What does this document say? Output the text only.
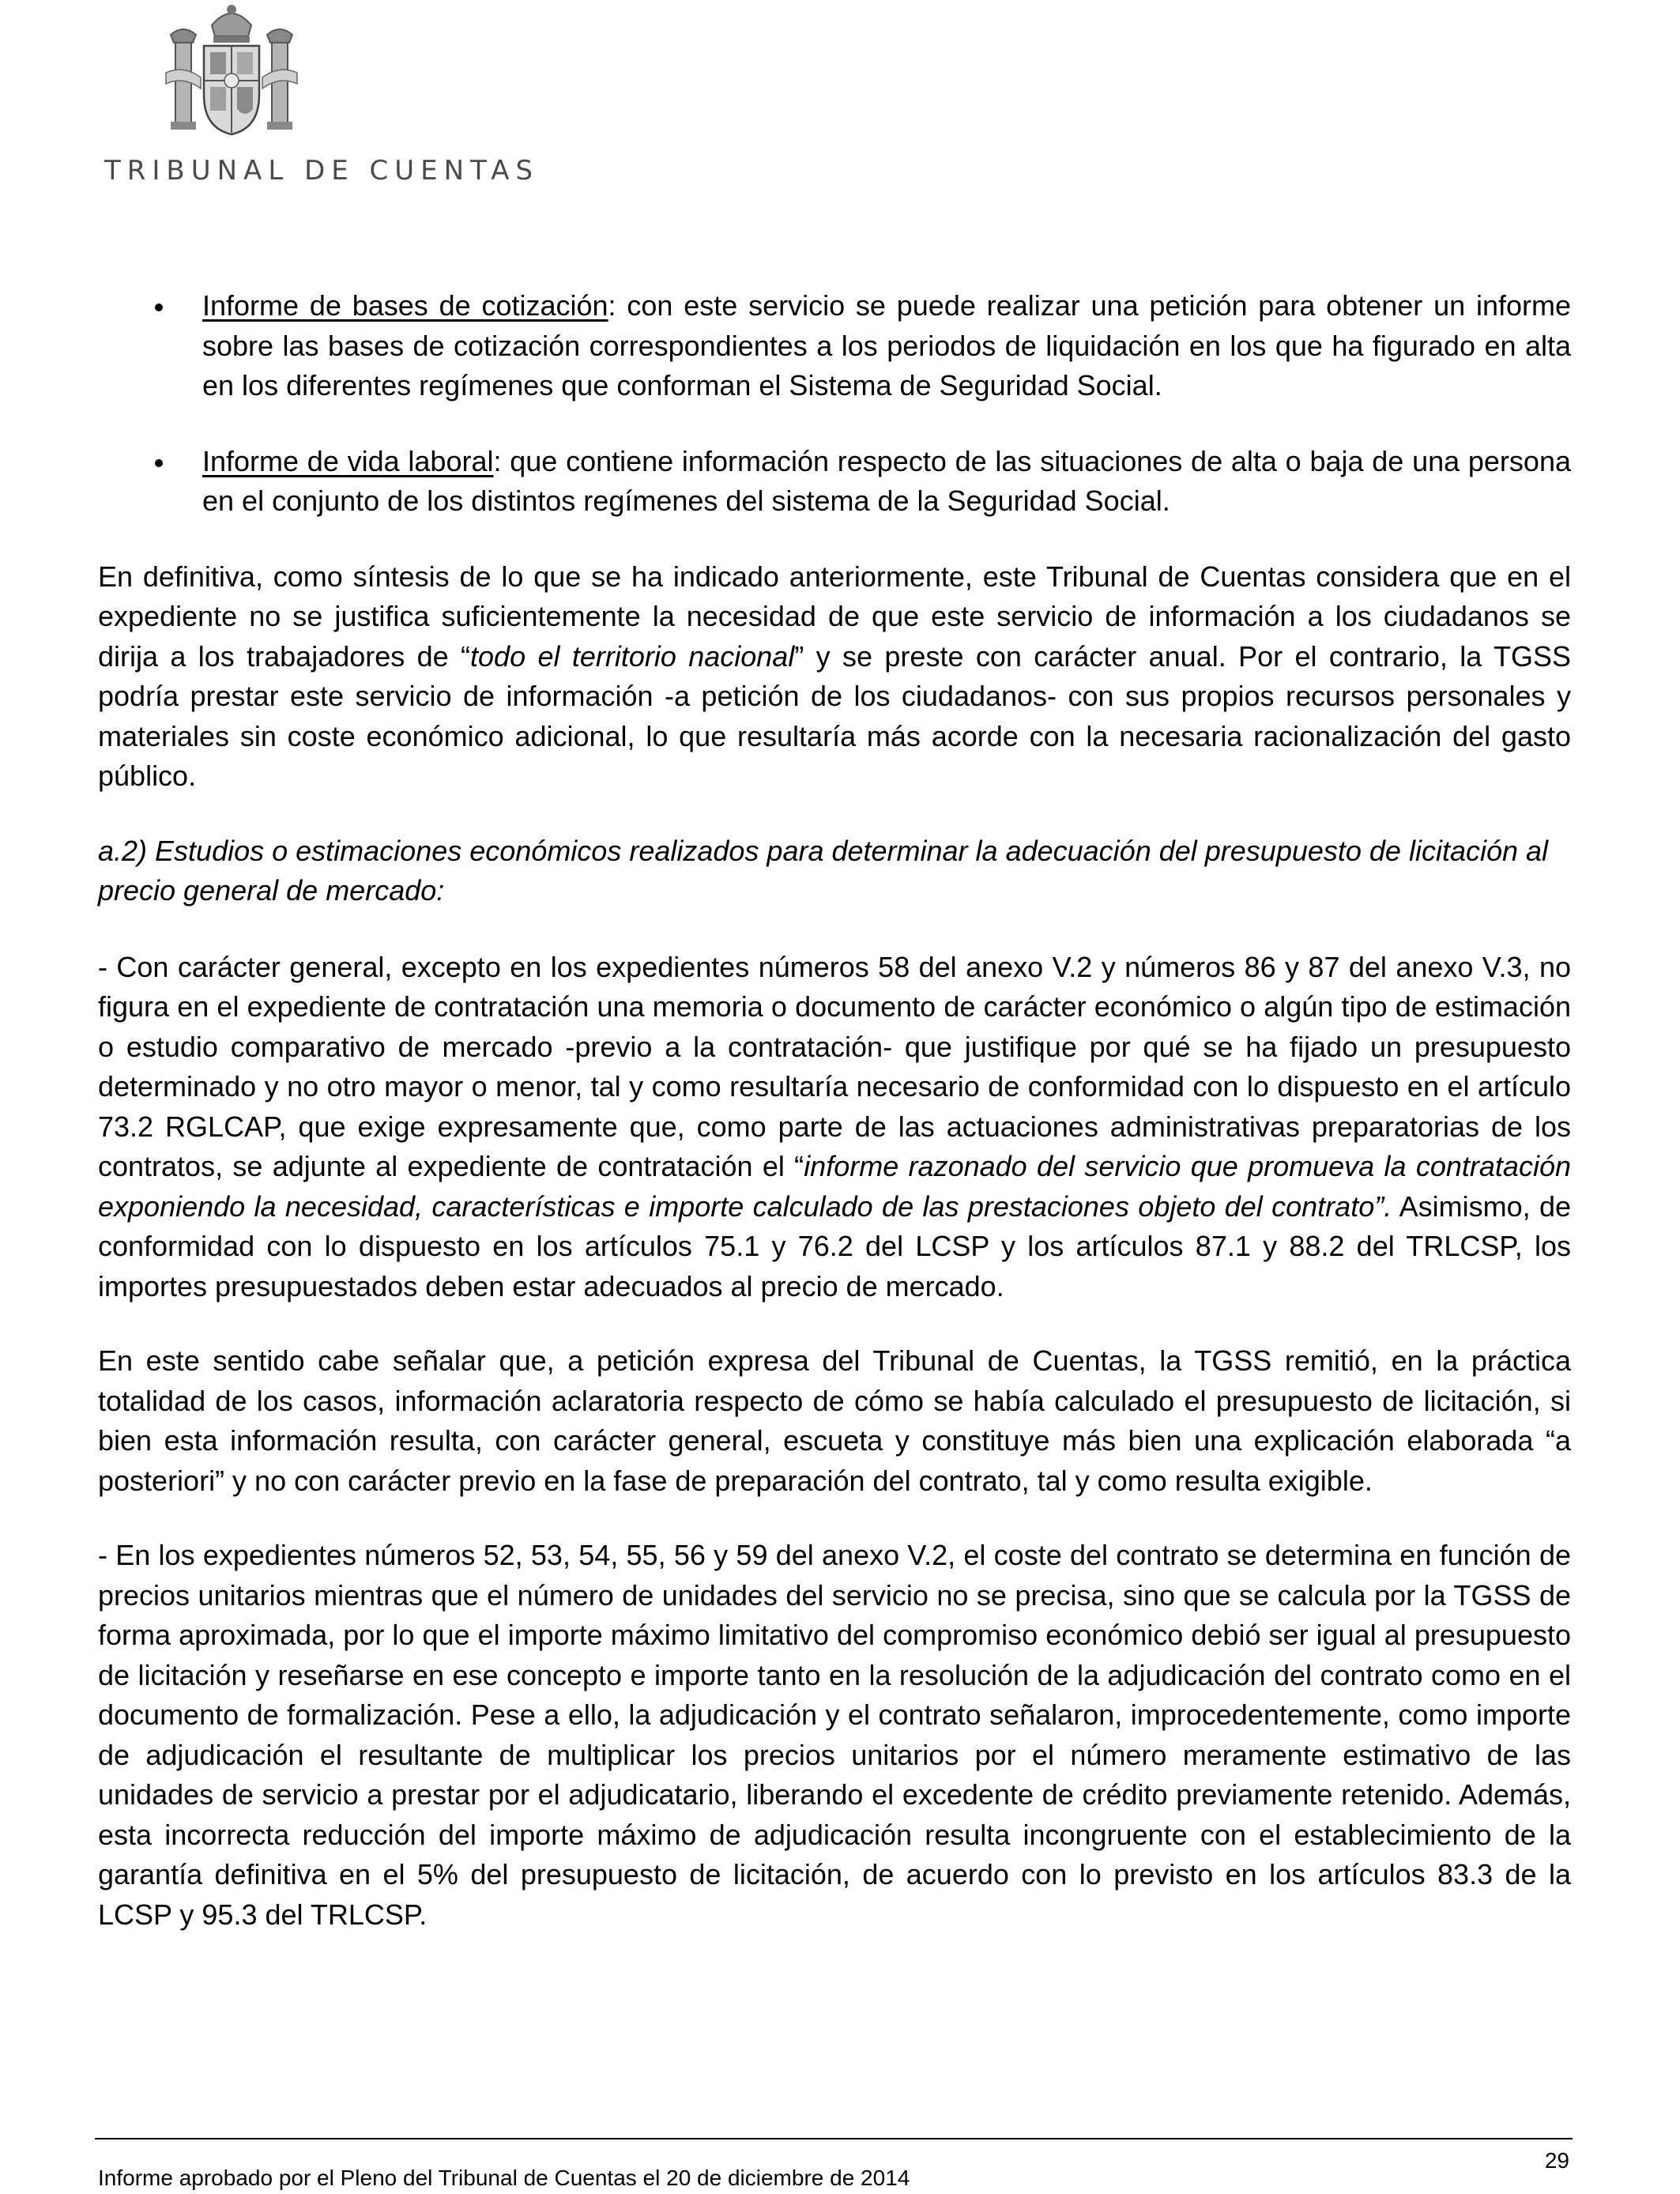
TRIBUNAL DE CUENTAS
Informe de bases de cotización: con este servicio se puede realizar una petición para obtener un informe sobre las bases de cotización correspondientes a los periodos de liquidación en los que ha figurado en alta en los diferentes regímenes que conforman el Sistema de Seguridad Social.
Informe de vida laboral: que contiene información respecto de las situaciones de alta o baja de una persona en el conjunto de los distintos regímenes del sistema de la Seguridad Social.

En definitiva, como síntesis de lo que se ha indicado anteriormente, este Tribunal de Cuentas considera que en el expediente no se justifica suficientemente la necesidad de que este servicio de información a los ciudadanos se dirija a los trabajadores de “todo el territorio nacional” y se preste con carácter anual. Por el contrario, la TGSS podría prestar este servicio de información -a petición de los ciudadanos- con sus propios recursos personales y materiales sin coste económico adicional, lo que resultaría más acorde con la necesaria racionalización del gasto público.

a.2) Estudios o estimaciones económicos realizados para determinar la adecuación del presupuesto de licitación al precio general de mercado:

- Con carácter general, excepto en los expedientes números 58 del anexo V.2 y números 86 y 87 del anexo V.3, no figura en el expediente de contratación una memoria o documento de carácter económico o algún tipo de estimación o estudio comparativo de mercado -previo a la contratación- que justifique por qué se ha fijado un presupuesto determinado y no otro mayor o menor, tal y como resultaría necesario de conformidad con lo dispuesto en el artículo 73.2 RGLCAP, que exige expresamente que, como parte de las actuaciones administrativas preparatorias de los contratos, se adjunte al expediente de contratación el “informe razonado del servicio que promueva la contratación exponiendo la necesidad, características e importe calculado de las prestaciones objeto del contrato”. Asimismo, de conformidad con lo dispuesto en los artículos 75.1 y 76.2 del LCSP y los artículos 87.1 y 88.2 del TRLCSP, los importes presupuestados deben estar adecuados al precio de mercado.

En este sentido cabe señalar que, a petición expresa del Tribunal de Cuentas, la TGSS remitió, en la práctica totalidad de los casos, información aclaratoria respecto de cómo se había calculado el presupuesto de licitación, si bien esta información resulta, con carácter general, escueta y constituye más bien una explicación elaborada “a posteriori” y no con carácter previo en la fase de preparación del contrato, tal y como resulta exigible.

- En los expedientes números 52, 53, 54, 55, 56 y 59 del anexo V.2, el coste del contrato se determina en función de precios unitarios mientras que el número de unidades del servicio no se precisa, sino que se calcula por la TGSS de forma aproximada, por lo que el importe máximo limitativo del compromiso económico debió ser igual al presupuesto de licitación y reseñarse en ese concepto e importe tanto en la resolución de la adjudicación del contrato como en el documento de formalización. Pese a ello, la adjudicación y el contrato señalaron, improcedentemente, como importe de adjudicación el resultante de multiplicar los precios unitarios por el número meramente estimativo de las unidades de servicio a prestar por el adjudicatario, liberando el excedente de crédito previamente retenido. Además, esta incorrecta reducción del importe máximo de adjudicación resulta incongruente con el establecimiento de la garantía definitiva en el 5% del presupuesto de licitación, de acuerdo con lo previsto en los artículos 83.3 de la LCSP y 95.3 del TRLCSP.

29
Informe aprobado por el Pleno del Tribunal de Cuentas el 20 de diciembre de 2014
